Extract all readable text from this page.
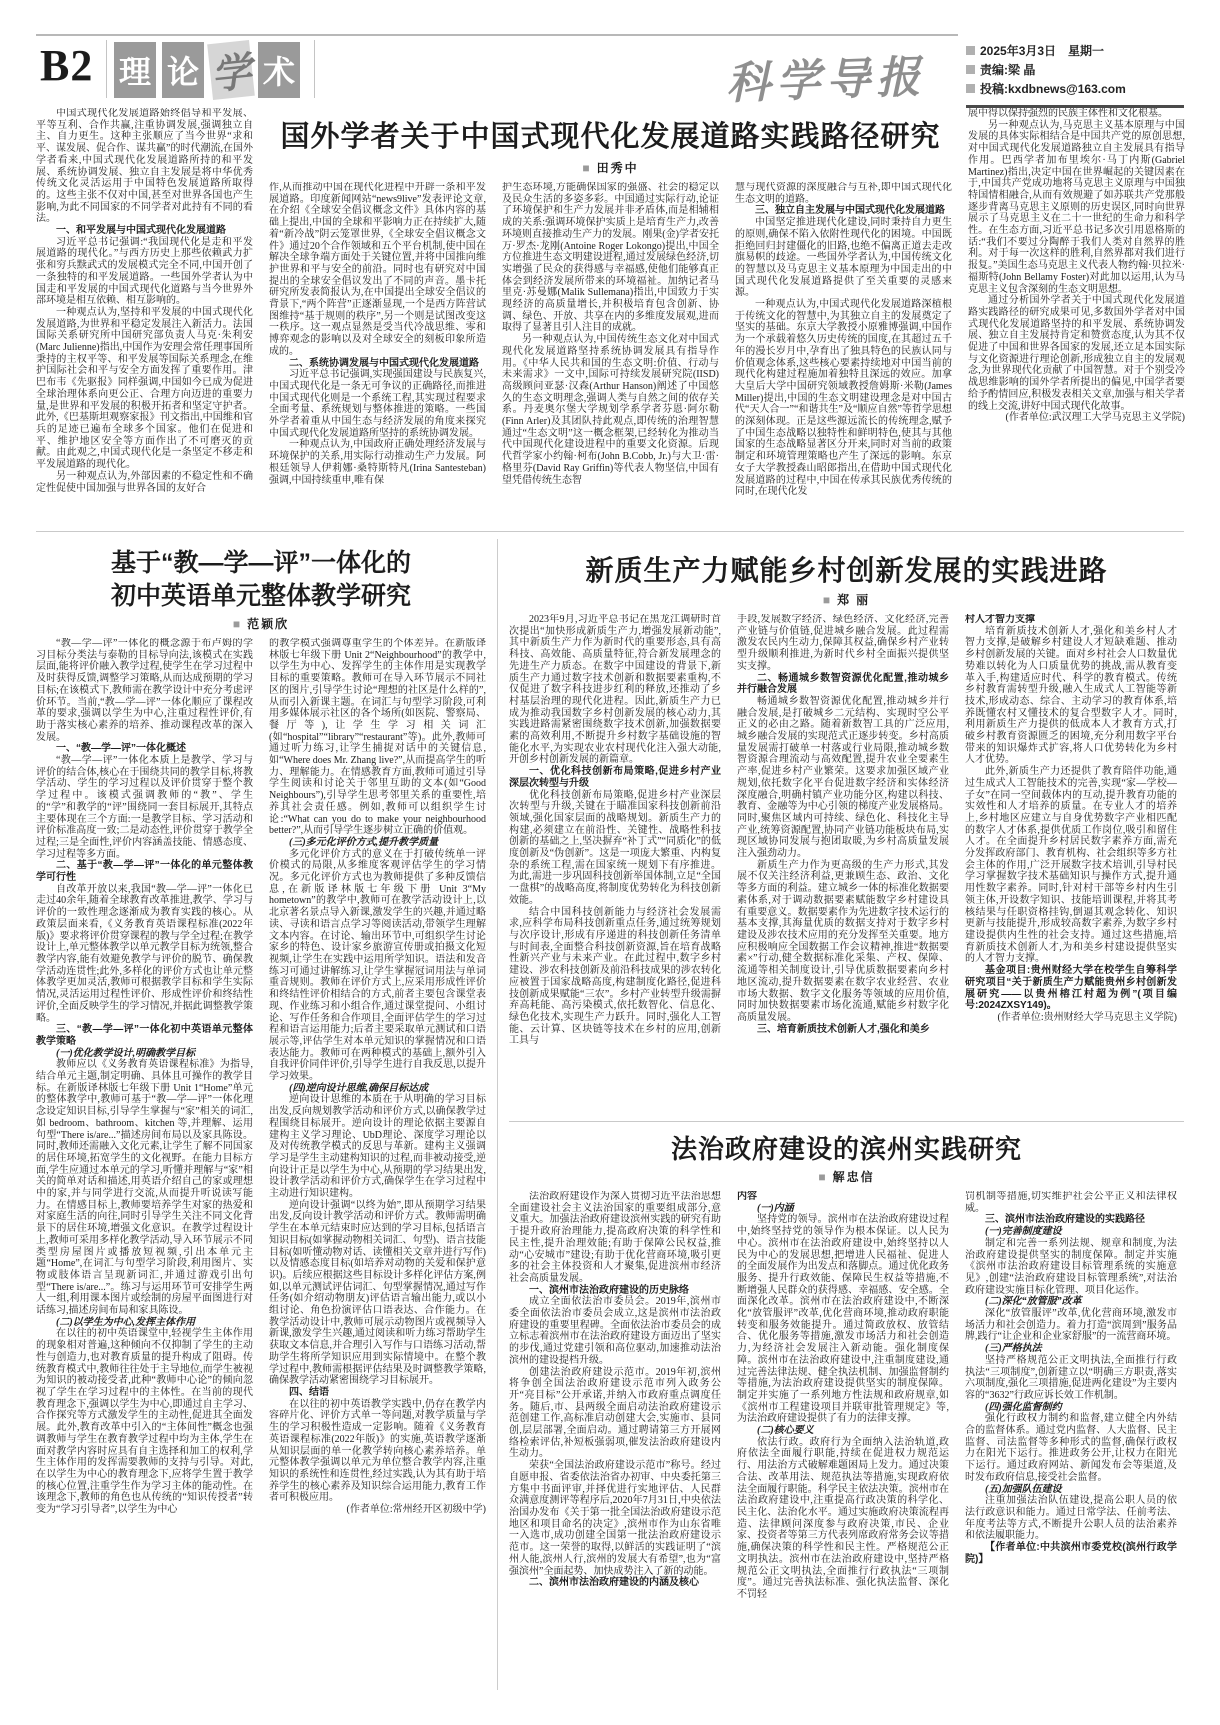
B2 理 论 学 术	科学导报
2025年3月3日　星期一
责编:梁 晶
投稿:kxdbnews@163.com
中国式现代化发展道路始终倡导和平发展、平等互利、合作共赢,注重协调发展,强调独立自主、自力更生。这种主张顺应了当今世界“求和平、谋发展、促合作、谋共赢”的时代潮流,在国外学者看来,中国式现代化发展道路所持的和平发展、系统协调发展、独立自主发展是将中华优秀传统文化灵活运用于中国特色发展道路所取得的。这些主张不仅对中国,甚至对世界各国也产生影响,为此不同国家的不同学者对此持有不同的看法。
一、和平发展与中国式现代化发展道路
习近平总书记强调:“我国现代化是走和平发展道路的现代化。”与西方历史上那些依赖武力扩张和穷兵黩武式的发展模式完全不同,中国开创了一条独特的和平发展道路。一些国外学者认为中国走和平发展的中国式现代化道路与当今世界外部环境是相互依赖、相互影响的。
一种观点认为,坚持和平发展的中国式现代化发展道路,为世界和平稳定发展注入新活力。法国国际关系研究所中国研究部负责人马克·朱利安(Marc Julienne)指出,中国作为安理会常任理事国所秉持的主权平等、和平发展等国际关系理念,在维护国际社会和平与安全方面发挥了重要作用。津巴布韦《先驱报》同样强调,中国如今已成为促进全球治理体系向更公正、合理方向迈进的重要力量,是世界和平发展的积极开拓者和坚定守护者。此外,《巴基斯坦观察家报》刊文指出,中国维和官兵的足迹已遍布全球多个国家。他们在促进和平、维护地区安全等方面作出了不可磨灭的贡献。由此观之,中国式现代化是一条坚定不移走和平发展道路的现代化。
另一种观点认为,外部因素的不稳定性和不确定性促使中国加强与世界各国的友好合
国外学者关于中国式现代化发展道路实践路径研究
■ 田秀中
作,从而推动中国在现代化进程中开辟一条和平发展道路。印度新闻网站“news9live”发表评论文章,在介绍《全球安全倡议概念文件》具体内容的基础上提出,中国的全球和平影响力正在持续扩大,随着“新冷战”阴云笼罩世界,《全球安全倡议概念文件》通过20个合作领域和五个平台机制,使中国在解决全球争端方面处于关键位置,并将中国推向维护世界和平与安全的前沿。同时也有研究对中国提出的全球安全倡议发出了不同的声音。墨卡托研究所发表简报认为,在中国提出全球安全倡议的背景下,“两个阵营”正逐渐显现,一个是西方阵营试图维持“基于规则的秩序”,另一个则是试图改变这一秩序。这一观点显然是受当代冷战思维、零和博弈观念的影响以及对全球安全的刻板印象所造成的。
二、系统协调发展与中国式现代化发展道路
习近平总书记强调,实现强国建设与民族复兴,中国式现代化是一条无可争议的正确路径,而推进中国式现代化则是一个系统工程,其实现过程要求全面考量、系统规划与整体推进的策略。一些国外学者着重从中国生态与经济发展的角度来探究中国式现代化发展道路所坚持的系统协调发展。
一种观点认为,中国政府正确处理经济发展与环境保护的关系,用实际行动推动生产力发展。阿根廷领导人伊莉娜·桑特斯特凡(Irina Santesteban)强调,中国持续重申,唯有保
护生态环境,方能确保国家的强盛、社会的稳定以及民众生活的多姿多彩。中国通过实际行动,论证了环境保护和生产力发展并非矛盾体,而是相辅相成的关系:强调环境保护实质上是培育生产力,改善环境则直接推动生产力的发展。刚果(金)学者安托万·罗杰·龙刚(Antoine Roger Lokongo)提出,中国全方位推进生态文明建设进程,通过发展绿色经济,切实增强了民众的获得感与幸福感,使他们能够真正体会到经济发展所带来的环境福祉。加纳记者马里克·苏曼娜(Malik Sullemana)指出,中国致力于实现经济的高质量增长,并积极培育包含创新、协调、绿色、开放、共享在内的多维度发展观,进而取得了显著且引人注目的成就。
另一种观点认为,中国传统生态文化对中国式现代化发展道路坚持系统协调发展具有指导作用。《中华人民共和国的生态文明:价值、行动与未来需求》一文中,国际可持续发展研究院(IISD)高级顾问亚瑟·汉森(Arthur Hanson)阐述了中国悠久的生态文明理念,强调人类与自然之间的依存关系。丹麦奥尔堡大学规划学系学者芬恩·阿尔勒(Finn Arler)及其团队持此观点,即传统的治理智慧通过“生态文明”这一概念框架,已经转化为推动当代中国现代化建设进程中的重要文化资源。后现代哲学家小约翰·柯布(John B.Cobb, Jr.)与大卫·雷·格里芬(David Ray Griffin)等代表人物坚信,中国有望凭借传统生态智
慧与现代资源的深度融合与互补,即中国式现代化生态文明的道路。
三、独立自主发展与中国式现代化发展道路
中国坚定推进现代化建设,同时秉持自力更生的原则,确保不陷入依附性现代化的困境。中国既拒绝回归封建僵化的旧路,也绝不偏离正道去走改旗易帜的歧途。一些国外学者认为,中国传统文化的智慧以及马克思主义基本原理为中国走出的中国式现代化发展道路提供了至关重要的灵感来源。
一种观点认为,中国式现代化发展道路深植根于传统文化的智慧中,为其独立自主的发展奠定了坚实的基础。东京大学教授小原雅博强调,中国作为一个承载着悠久历史传统的国度,在其超过五千年的漫长岁月中,孕育出了独具特色的民族认同与价值观念体系,这些核心要素持续地对中国当前的现代化构建过程施加着独特且深远的效应。加拿大皇后大学中国研究领域教授詹姆斯·米勒(James Miller)提出,中国的生态文明建设理念是对中国古代“天人合一”“和谐共生”及“顺应自然”等哲学思想的深刻体现。正是这些源远流长的传统理念,赋予了中国生态战略以独特性和鲜明特色,使其与其他国家的生态战略显著区分开来,同时对当前的政策制定和环境管理策略也产生了深远的影响。东京女子大学教授森山昭郎指出,在借助中国式现代化发展道路的过程中,中国在传承其民族优秀传统的同时,在现代化发
展中得以保持强烈的民族主体性和文化根基。
另一种观点认为,马克思主义基本原理与中国发展的具体实际相结合是中国共产党的原创思想,对中国式现代化发展道路独立自主发展具有指导作用。巴西学者加布里埃尔·马丁内斯(Gabriel Martinez)指出,决定中国在世界崛起的关键因素在于,中国共产党成功地将马克思主义原理与中国独特国情相融合,从而有效规避了如苏联共产党那般逐步背离马克思主义原则的历史误区,同时向世界展示了马克思主义在二十一世纪的生命力和科学性。在生态方面,习近平总书记多次引用恩格斯的话:“我们不要过分陶醉于我们人类对自然界的胜利。对于每一次这样的胜利,自然界都对我们进行报复。”美国生态马克思主义代表人物约翰·贝拉米·福斯特(John Bellamy Foster)对此加以运用,认为马克思主义包含深刻的生态文明思想。
通过分析国外学者关于中国式现代化发展道路实践路径的研究成果可见,多数国外学者对中国式现代化发展道路坚持的和平发展、系统协调发展、独立自主发展持肯定和赞赏态度,认为其不仅促进了中国和世界各国家的发展,还立足本国实际与文化资源进行理论创新,形成独立自主的发展观念,为世界现代化贡献了中国智慧。对于个别受冷战思维影响的国外学者所提出的偏见,中国学者要给予酌情回应,积极发表相关文章,加强与相关学者的线上交流,讲好中国式现代化故事。
(作者单位:武汉理工大学马克思主义学院)
基于“教—学—评”一体化的
初中英语单元整体教学研究
■ 范颖欣
“教—学—评”一体化的概念源于布卢姆的学习目标分类法与泰勒的目标导向法,该模式在实践层面,能将评价融入教学过程,使学生在学习过程中及时获得反馈,调整学习策略,从而达成预期的学习目标;在该模式下,教师需在教学设计中充分考虑评价环节。当前,“教—学—评”一体化顺应了课程改革的要求,强调以学生为中心,注重过程性评价,有助于落实核心素养的培养、推动课程改革的深入发展。
一、“教—学—评”一体化概述
“教—学—评”一体化本质上是教学、学习与评价的结合体,核心在于围绕共同的教学目标,将教学活动、学生的学习过程以及评价贯穿于整个教学过程中。该模式强调教师的“教”、学生的“学”和教学的“评”围绕同一套目标展开,其特点主要体现在三个方面:一是教学目标、学习活动和评价标准高度一致;二是动态性,评价贯穿于教学全过程;三是全面性,评价内容涵盖技能、情感态度、学习过程等多方面。
二、基于“教—学—评”一体化的单元整体教学可行性
自改革开放以来,我国“教—学—评”一体化已走过40余年,随着全球教育改革推进,教学、学习与评价的一致性理念逐渐成为教育实践的核心。从政策层面来看,《义务教育英语课程标准(2022年版)》要求将评价贯穿课程的教与学全过程;在教学设计上,单元整体教学以单元教学目标为统领,整合教学内容,能有效避免教学与评价的脱节、确保教学活动连贯性;此外,多样化的评价方式也让单元整体教学更加灵活,教师可根据教学目标和学生实际情况,灵活运用过程性评价、形成性评价和终结性评价,全面反映学生的学习情况,并据此调整教学策略。
三、“教—学—评”一体化初中英语单元整体教学策略
(一)优化教学设计,明确教学目标
教师应以《义务教育英语课程标准》为指导,结合单元主题,制定明确、具体且可操作的教学目标。在新版译林版七年级下册 Unit 1“Home”单元的整体教学中,教师可基于“教—学—评”一体化理念设定知识目标,引导学生掌握与“家”相关的词汇,如 bedroom、bathroom、kitchen 等,并理解、运用句型“There is/are...”描述房间布局以及家具陈设。同时,教师还需融入文化元素,让学生了解不同国家的居住环境,拓宽学生的文化视野。在能力目标方面,学生应通过本单元的学习,听懂并理解与“家”相关的简单对话和描述,用英语介绍自己的家或理想中的家,并与同学进行交流,从而提升听说读写能力。在情感目标上,教师要培养学生对家的热爱和对家庭生活的向往,同时引导学生关注不同文化背景下的居住环境,增强文化意识。在教学过程设计上,教师可采用多样化教学活动,导入环节展示不同类型房屋图片或播放短视频,引出本单元主题“Home”,在词汇与句型学习阶段,利用图片、实物或肢体语言呈现新词汇,并通过游戏引出句型“There is/are...”。练习与运用环节可安排学生两人一组,利用课本图片或绘制的房屋平面图进行对话练习,描述房间布局和家具陈设。
(二)以学生为中心,发挥主体作用
在以往的初中英语课堂中,轻视学生主体作用的现象相对普遍,这种倾向不仅抑制了学生的主动性与创造力,也对教育质量的提升构成了阻碍。传统教育模式中,教师往往处于主导地位,而学生被视为知识的被动接受者,此种“教师中心论”的倾向忽视了学生在学习过程中的主体性。在当前的现代教育理念下,强调以学生为中心,即通过自主学习、合作探究等方式激发学生的主动性,促进其全面发展。此外,教育改革中引入的“主体间性”概念也强调教师与学生在教育教学过程中均为主体,学生在面对教学内容时应具有自主选择和加工的权利,学生主体作用的发挥需要教师的支持与引导。对此,在以学生为中心的教育理念下,应将学生置于教学的核心位置,注重学生作为学习主体的能动性。在该理念下,教师的角色也从传统的“知识传授者”转变为“学习引导者”,以学生为中心
的教学模式强调尊重学生的个体差异。在新版译林版七年级下册 Unit 2“Neighbourhood”的教学中,以学生为中心、发挥学生的主体作用是实现教学目标的重要策略。教师可在导入环节展示不同社区的图片,引导学生讨论“理想的社区是什么样的”,从而引入新课主题。在词汇与句型学习阶段,可利用多媒体展示社区的各个场所(如医院、警察局、餐厅等),让学生学习相关词汇(如“hospital”“library”“restaurant”等)。此外,教师可通过听力练习,让学生捕捉对话中的关键信息,如“Where does Mr. Zhang live?”,从而提高学生的听力、理解能力。在情感教育方面,教师可通过引导学生阅读和讨论关于邻里互助的文本(如“Good Neighbours”),引导学生思考邻里关系的重要性,培养其社会责任感。例如,教师可以组织学生讨论:“What can you do to make your neighbourhood better?”,从而引导学生逐步树立正确的价值观。
(三)多元化评价方式,提升教学质量
多元化评价方式的意义在于打破传统单一评价模式的局限,从多维度客观评估学生的学习情况。多元化评价方式也为教师提供了多种反馈信息,在新版译林版七年级下册 Unit 3“My hometown”的教学中,教师可在教学活动设计上,以北京著名景点导入新课,激发学生的兴趣,并通过略读、寻读和语言点学习等阅读活动,带领学生理解文本内容。在讨论、输出环节中,可组织学生讨论家乡的特色、设计家乡旅游宣传册或拍摄文化短视频,让学生在实践中运用所学知识。语法和发音练习可通过讲解练习,让学生掌握冠词用法与单词重音规则。教师在评价方式上,应采用形成性评价和终结性评价相结合的方式,前者主要包含课堂表现、作业练习和小组合作,通过课堂提问、小组讨论、写作任务和合作项目,全面评估学生的学习过程和语言运用能力;后者主要采取单元测试和口语展示等,评估学生对本单元知识的掌握情况和口语表达能力。教师可在两种模式的基础上,额外引入自我评价同伴评价,引导学生进行自我反思,以提升学习效果。
(四)逆向设计思维,确保目标达成
逆向设计思维的本质在于从明确的学习目标出发,反向规划教学活动和评价方式,以确保教学过程围绕目标展开。逆向设计的理论依据主要源自建构主义学习理论、UbD理论、深度学习理论以及对传统教学模式的反思与革新。建构主义强调学习是学生主动建构知识的过程,而非被动接受,逆向设计正是以学生为中心,从预期的学习结果出发,设计教学活动和评价方式,确保学生在学习过程中主动进行知识建构。
逆向设计强调“以终为始”,即从预期学习结果出发,反向设计教学活动和评价方式。教师需明确学生在本单元结束时应达到的学习目标,包括语言知识目标(如掌握动物相关词汇、句型)、语言技能目标(如听懂动物对话、读懂相关文章并进行写作)以及情感态度目标(如培养对动物的关爱和保护意识)。后续应根据这些目标设计多样化评估方案,例如,以单元测试评估词汇、句型掌握情况,通过写作任务(如介绍动物朋友)评估语言输出能力,或以小组讨论、角色扮演评估口语表达、合作能力。在教学活动设计中,教师可展示动物图片或视频导入新课,激发学生兴趣,通过阅读和听力练习帮助学生获取文本信息,并合理引入写作与口语练习活动,帮助学生将所学知识应用到实际情境中。在整个教学过程中,教师需根据评估结果及时调整教学策略,确保教学活动紧密围绕学习目标展开。
四、结语
在以往的初中英语教学实践中,仍存在教学内容碎片化、评价方式单一等问题,对教学质量与学生的学习积极性造成一定影响。随着《义务教育英语课程标准(2022年版)》的实施,英语教学逐渐从知识层面的单一化教学转向核心素养培养。单元整体教学强调以单元为单位整合教学内容,注重知识的系统性和连贯性,经过实践,认为其有助于培养学生的核心素养及知识综合运用能力,教育工作者可积极应用。
(作者单位:常州经开区初级中学)
新质生产力赋能乡村创新发展的实践进路
■ 郑 丽
2023年9月,习近平总书记在黑龙江调研时首次提出“加快形成新质生产力,增强发展新动能”,其中新质生产力作为新时代的重要形态,具有高科技、高效能、高质量特征,符合新发展理念的先进生产力质态。在数字中国建设的背景下,新质生产力通过数字技术创新和数据要素重构,不仅促进了数字科技进步红利的释放,还推动了乡村基层治理的现代化进程。因此,新质生产力已成为推动我国数字乡村创新发展的核心动力,其实践进路需紧密围绕数字技术创新,加强数据要素的高效利用,不断提升乡村数字基础设施的智能化水平,为实现农业农村现代化注入强大动能,开创乡村创新发展的新篇章。
一、优化科技创新布局策略,促进乡村产业深层次转型与升级
优化科技创新布局策略,促进乡村产业深层次转型与升级,关键在于瞄准国家科技创新前沿领域,强化国家层面的战略规划。新质生产力的构建,必须建立在前沿性、关键性、战略性科技创新的基础之上,坚决摒弃“补丁式”“同质化”的低度创新及“伪创新”。这是一项庞大繁重、内构复杂的系统工程,需在国家统一规划下有序推进。为此,需进一步巩固科技创新举国体制,立足“全国一盘棋”的战略高度,将制度优势转化为科技创新效能。
结合中国科技创新能力与经济社会发展需求,应科学布局科技创新重点任务,通过统筹规划与次序设计,形成有序递进的科技创新任务清单与时间表,全面整合科技创新资源,旨在培育战略性新兴产业与未来产业。在此过程中,数字乡村建设、涉农科技创新及前沿科技成果的涉农转化应被置于国家战略高度,构建制度化路径,促进科技创新成果赋能“三农”。乡村产业转型升级需摒弃高耗能、高污染模式,依托数智化、信息化、绿色化技术,实现生产力跃升。同时,强化人工智能、云计算、区块链等技术在乡村的应用,创新工具与
手段,发展数字经济、绿色经济、文化经济,完善产业链与价值链,促进城乡融合发展。此过程需激发农民内生动力,保障其权益,确保乡村产业转型升级顺利推进,为新时代乡村全面振兴提供坚实支撑。
二、畅通城乡数智资源优化配置,推动城乡并行融合发展
畅通城乡数智资源优化配置,推动城乡并行融合发展,是打破城乡二元结构、实现时空公平正义的必由之路。随着新数智工具的广泛应用,城乡融合发展的实现范式正逐步转变。乡村高质量发展需打破单一村落或行业局限,推动城乡数智资源合理流动与高效配置,提升农业全要素生产率,促进乡村产业繁荣。这要求加强区域产业规划,依托数字化平台促进数字经济和实体经济深度融合,明确村镇产业功能分区,构建以科技、教育、金融等为中心引领的梯度产业发展格局。同时,聚焦区域内可持续、绿色化、科技化主导产业,统筹资源配置,协同产业链功能板块布局,实现区域协同发展与抱团取暖,为乡村高质量发展注入强劲动力。
新质生产力作为更高级的生产力形式,其发展不仅关注经济利益,更兼顾生态、政治、文化等多方面的利益。建立城乡一体的标准化数据要素体系,对于调动数据要素赋能数字乡村建设具有重要意义。数据要素作为先进数字技术运行的基本支撑,其海量优质的数据支持对于数字乡村建设及涉农技术应用的充分发挥至关重要。地方应积极响应全国数据工作会议精神,推进“数据要素×”行动,健全数据标准化采集、产权、保障、流通等相关制度设计,引导优质数据要素向乡村地区流动,提升数据要素在数字农业经营、农业市场大数据、数字文化服务等领域的应用价值,同时加快数据要素市场化流通,赋能乡村数字化高质量发展。
三、培育新质技术创新人才,强化和美乡
村人才智力支撑
培育新质技术创新人才,强化和美乡村人才智力支撑,是破解乡村建设人才短缺难题、推动乡村创新发展的关键。面对乡村社会人口数量优势难以转化为人口质量优势的挑战,需从教育变革入手,构建适应时代、科学的教育模式。传统乡村教育需转型升级,融入生成式人工智能等新技术,形成动态、综合、主动学习的教育体系,培养既懂农村又懂技术的复合型数字人才。同时,利用新质生产力提供的低成本人才教育方式,打破乡村教育资源匮乏的困境,充分利用数字平台带来的知识爆炸式扩容,将人口优势转化为乡村人才优势。
此外,新质生产力还提供了教育陪伴功能,通过生成式人工智能技术的完善,实现“家—学校—子女”在同一空间载体内的互动,提升教育功能的实效性和人才培养的质量。在专业人才的培养上,乡村地区应建立与自身优势数字产业相匹配的数字人才体系,提供优质工作岗位,吸引和留住人才。在全面提升乡村居民数字素养方面,需充分发挥政府部门、教育机构、社会组织等多方社会主体的作用,广泛开展数字技术培训,引导村民学习掌握数字技术基础知识与操作方式,提升通用性数字素养。同时,针对村干部等乡村内生引领主体,开设数字知识、技能培训课程,并将其考核结果与任职资格挂钩,倒逼其观念转化、知识更新与技能提升,形成较高数字素养,为数字乡村建设提供内生性的社会支持。通过这些措施,培育新质技术创新人才,为和美乡村建设提供坚实的人才智力支撑。
基金项目:贵州财经大学在校学生自筹科学研究项目“关于新质生产力赋能贵州乡村创新发展研究——以贵州榕江村超为例”(项目编号:2024ZXSY149)。
(作者单位:贵州财经大学马克思主义学院)
法治政府建设的滨州实践研究
■ 解忠信
法治政府建设作为深入贯彻习近平法治思想全面建设社会主义法治国家的重要组成部分,意义重大。加强法治政府建设滨州实践的研究有助于提升政府治理能力,提高政府决策的科学性和民主性,提升治理效能;有助于保障公民权益,推动“心安城市”建设;有助于优化营商环境,吸引更多的社会主体投资和人才聚集,促进滨州市经济社会高质量发展。
一、滨州市法治政府建设的历史脉络
成立全面依法治市委员会。2019年,滨州市委全面依法治市委员会成立,这是滨州市法治政府建设的重要里程碑。全面依法治市委员会的成立标志着滨州市在法治政府建设方面迈出了坚实的步伐,通过党建引领和高位驱动,加速推动法治滨州的建设提档升级。
创建法治政府建设示范市。2019年初,滨州将争创全国法治政府建设示范市列入政务公开“亮目标”公开承诺,并纳入市政府重点调度任务。随后,市、县两级全面启动法治政府建设示范创建工作,高标准启动创建大会,实施市、县同创,层层部署,全面启动。通过聘请第三方开展网络检索评估,补短板强弱项,催发法治政府建设内生动力。
荣获“全国法治政府建设示范市”称号。经过自愿申报、省委依法治省办初审、中央委托第三方集中书面评审,并择优进行实地评估、人民群众满意度测评等程序后,2020年7月31日,中央依法治国办发布《关于第一批全国法治政府建设示范地区和项目命名的决定》,滨州市作为山东省唯一入选市,成功创建全国第一批法治政府建设示范市。这一荣誉的取得,以鲜活的实践证明了“滨州人能,滨州人行,滨州的发展大有希望”,也为“富强滨州”全面起势、加快成势注入了新的动能。
二、滨州市法治政府建设的内涵及核心
内容
(一)内涵
坚持党的领导。滨州市在法治政府建设过程中,始终坚持党的领导作为根本保证。以人民为中心。滨州市在法治政府建设中,始终坚持以人民为中心的发展思想,把增进人民福祉、促进人的全面发展作为出发点和落脚点。通过优化政务服务、提升行政效能、保障民生权益等措施,不断增强人民群众的获得感、幸福感、安全感。全面深化改革。滨州市在法治政府建设中,不断深化“放管服评”改革,优化营商环境,推动政府职能转变和服务效能提升。通过简政放权、放管结合、优化服务等措施,激发市场活力和社会创造力,为经济社会发展注入新动能。强化制度保障。滨州市在法治政府建设中,注重制度建设,通过完善法律法规、健全执法机制、加强监督制约等措施,为法治政府建设提供坚实的制度保障。制定并实施了一系列地方性法规和政府规章,如《滨州市工程建设项目并联审批管理规定》等,为法治政府建设提供了有力的法律支撑。
(二)核心要义
依法行政。政府行为全面纳入法治轨道,政府依法全面履行职能,持续在促进权力规范运行、用法治方式破解难题困局上发力。通过决策合法、改革用法、规范执法等措施,实现政府依法全面履行职能。科学民主依法决策。滨州市在法治政府建设中,注重提高行政决策的科学化、民主化、法治化水平。通过实施政府决策流程再造、法律顾问深度参与政府决策,市民、企业家、投资者等第三方代表列席政府常务会议等措施,确保决策的科学性和民主性。严格规范公正文明执法。滨州市在法治政府建设中,坚持严格规范公正文明执法,全面推行行政执法“三项制度”。通过完善执法标准、强化执法监督、深化不罚轻
罚机制等措施,切实维护社会公平正义和法律权威。
三、滨州市法治政府建设的实践路径
(一)完善制度建设
制定和完善一系列法规、规章和制度,为法治政府建设提供坚实的制度保障。制定并实施《滨州市法治政府建设目标管理系统的实施意见》,创建“法治政府建设目标管理系统”,对法治政府建设实施目标化管理、项目化运作。
(二)深化“放管服”改革
深化“放管服评”改革,优化营商环境,激发市场活力和社会创造力。着力打造“滨周到”服务品牌,践行“让企业和企业家舒服”的一流营商环境。
(三)严格执法
坚持严格规范公正文明执法,全面推行行政执法“三项制度”,创新建立以“明确三方职责,落实六项制度,强化三项措施,促进两化建设”为主要内容的“3632”行政应诉长效工作机制。
(四)强化监督制约
强化行政权力制约和监督,建立健全内外结合的监督体系。通过党内监督、人大监督、民主监督、司法监督等多种形式的监督,确保行政权力在阳光下运行。推进政务公开,让权力在阳光下运行。通过政府网站、新闻发布会等渠道,及时发布政府信息,接受社会监督。
(五)加强队伍建设
注重加强法治队伍建设,提高公职人员的依法行政意识和能力。通过日常学法、任前考法、年度考法等方式,不断提升公职人员的法治素养和依法履职能力。
【作者单位:中共滨州市委党校(滨州行政学院)】
